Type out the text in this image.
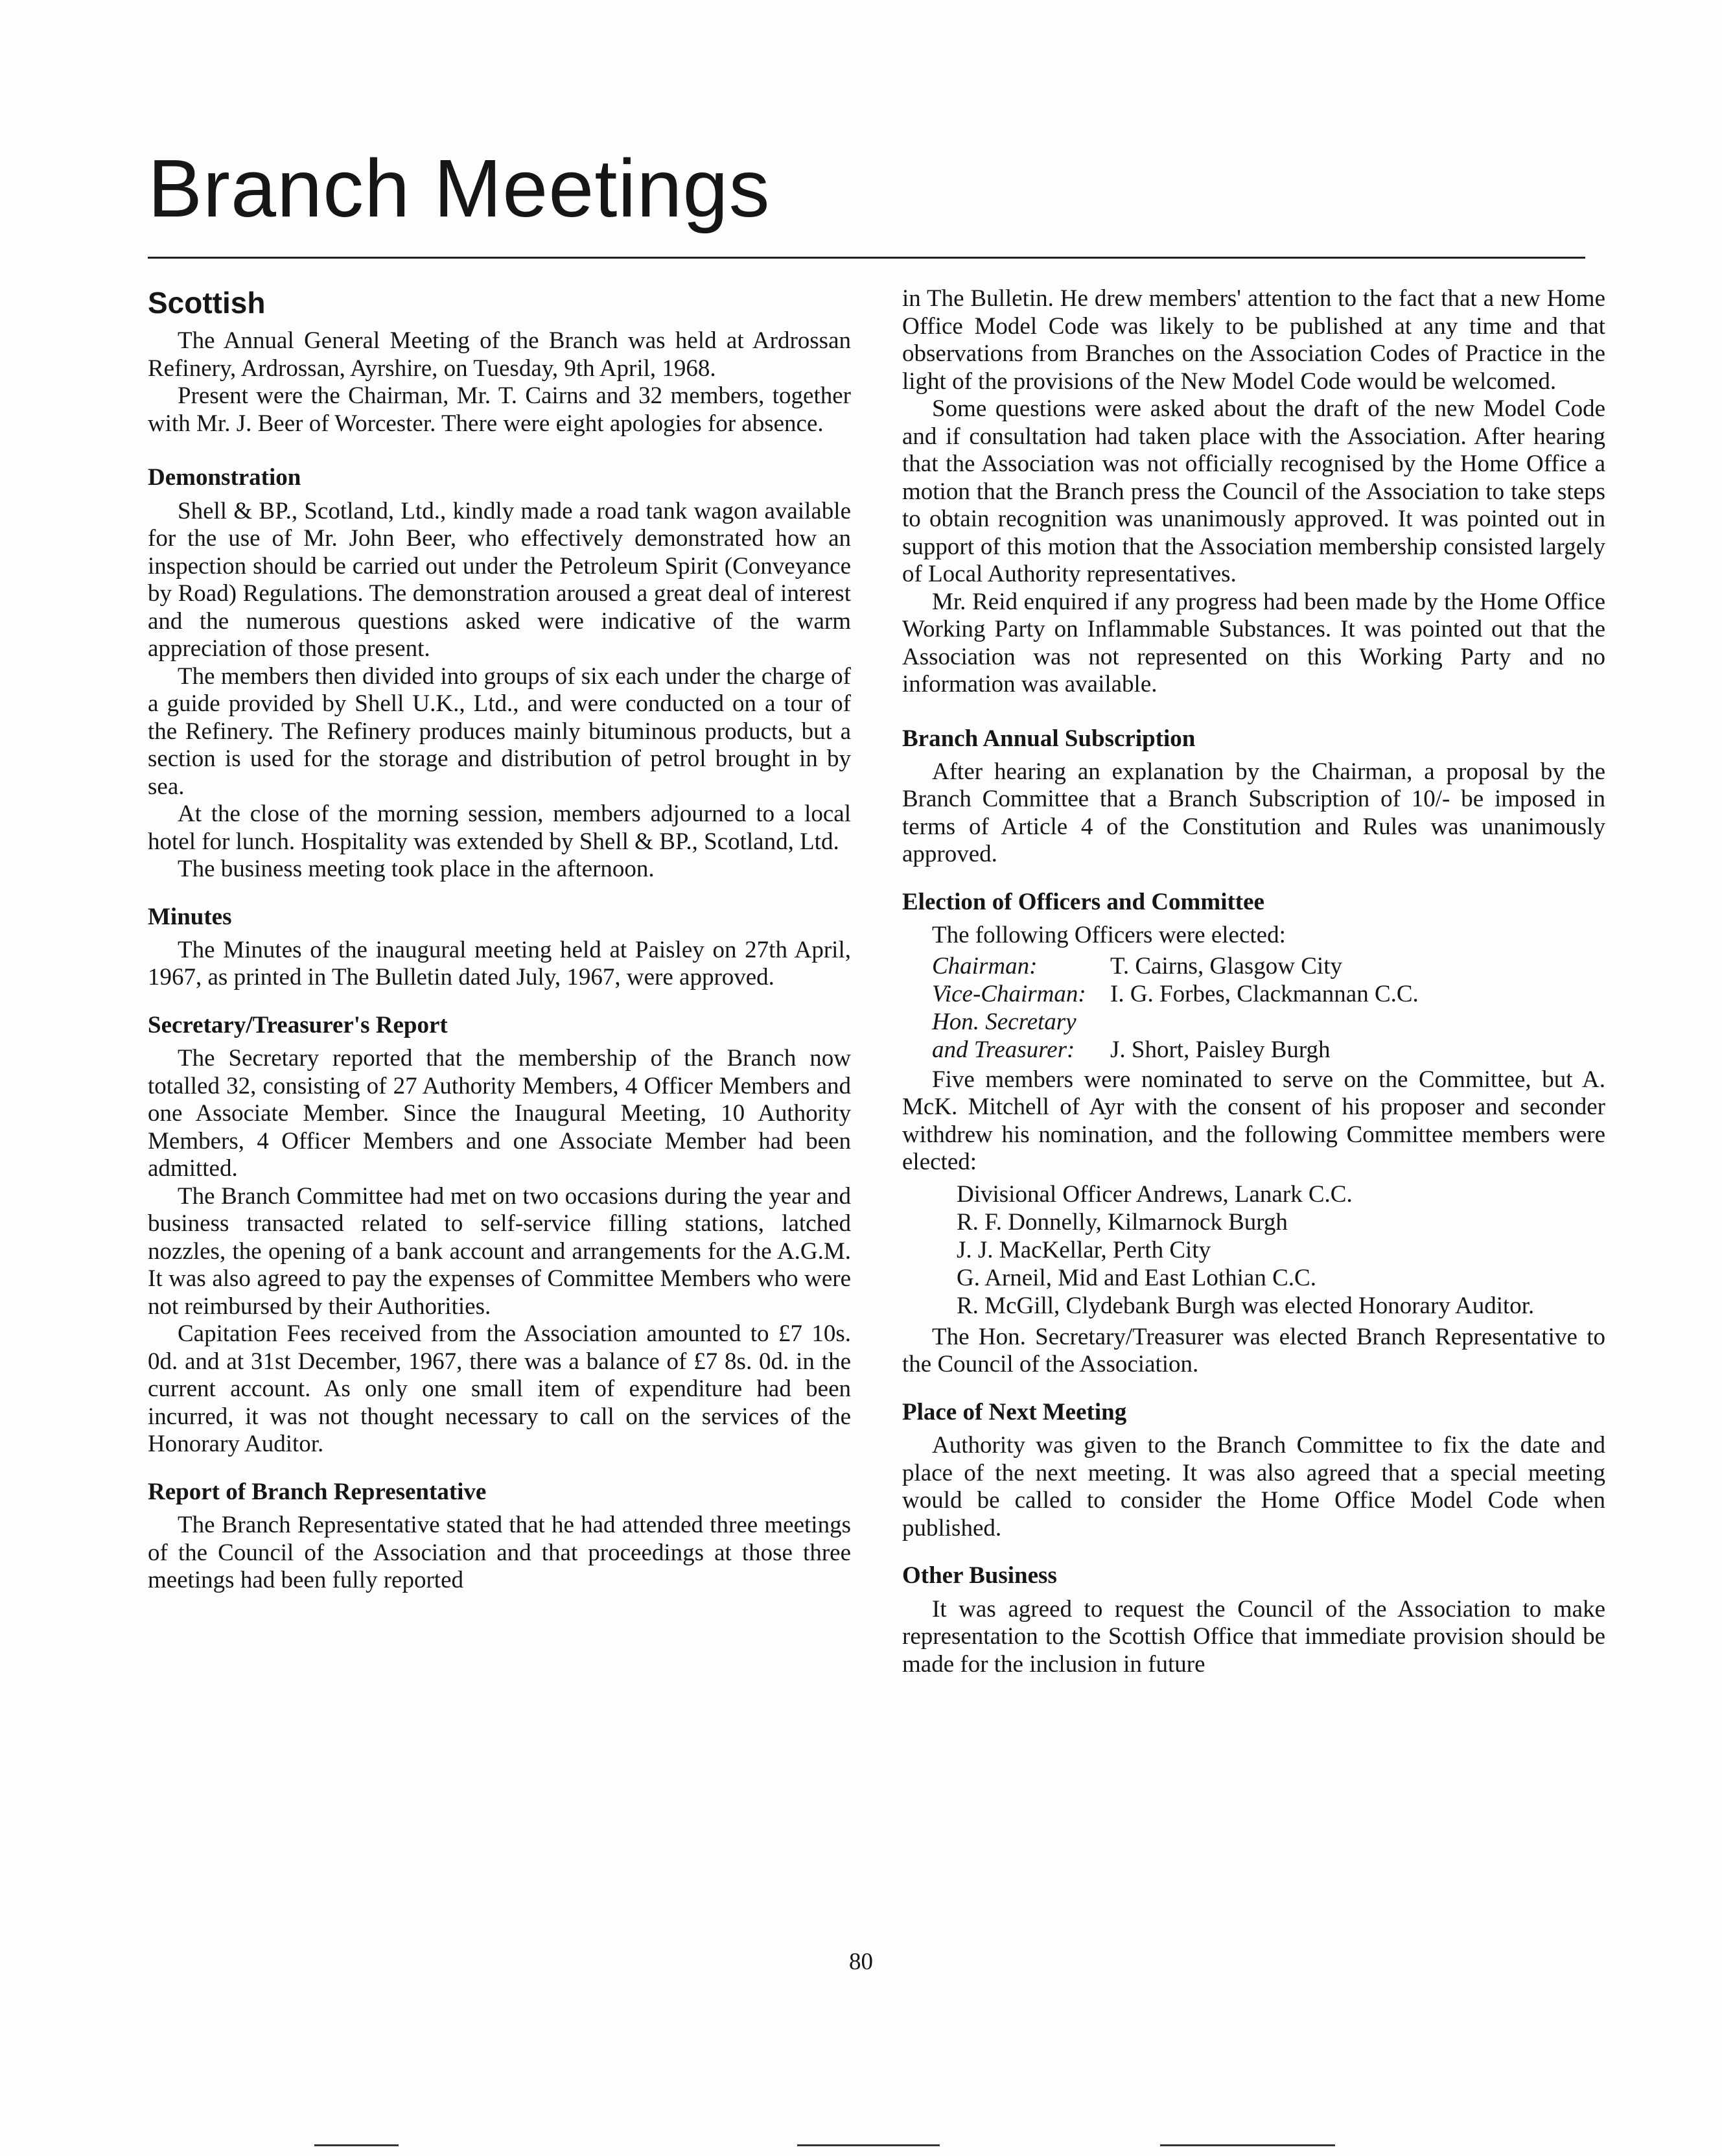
Branch Meetings
Scottish

The Annual General Meeting of the Branch was held at Ardrossan Refinery, Ardrossan, Ayrshire, on Tuesday, 9th April, 1968.

Present were the Chairman, Mr. T. Cairns and 32 members, together with Mr. J. Beer of Worcester. There were eight apologies for absence.

Demonstration

Shell & BP., Scotland, Ltd., kindly made a road tank wagon available for the use of Mr. John Beer, who effectively demonstrated how an inspection should be carried out under the Petroleum Spirit (Conveyance by Road) Regulations. The demonstration aroused a great deal of interest and the numerous questions asked were indicative of the warm appreciation of those present.

The members then divided into groups of six each under the charge of a guide provided by Shell U.K., Ltd., and were conducted on a tour of the Refinery. The Refinery produces mainly bituminous products, but a section is used for the storage and distribution of petrol brought in by sea.

At the close of the morning session, members adjourned to a local hotel for lunch. Hospitality was extended by Shell & BP., Scotland, Ltd.

The business meeting took place in the afternoon.

Minutes

The Minutes of the inaugural meeting held at Paisley on 27th April, 1967, as printed in The Bulletin dated July, 1967, were approved.

Secretary/Treasurer's Report

The Secretary reported that the membership of the Branch now totalled 32, consisting of 27 Authority Members, 4 Officer Members and one Associate Member. Since the Inaugural Meeting, 10 Authority Members, 4 Officer Members and one Associate Member had been admitted.

The Branch Committee had met on two occasions during the year and business transacted related to self-service filling stations, latched nozzles, the opening of a bank account and arrangements for the A.G.M. It was also agreed to pay the expenses of Committee Members who were not reimbursed by their Authorities.

Capitation Fees received from the Association amounted to £7 10s. 0d. and at 31st December, 1967, there was a balance of £7 8s. 0d. in the current account. As only one small item of expenditure had been incurred, it was not thought necessary to call on the services of the Honorary Auditor.

Report of Branch Representative

The Branch Representative stated that he had attended three meetings of the Council of the Association and that proceedings at those three meetings had been fully reported

in The Bulletin. He drew members' attention to the fact that a new Home Office Model Code was likely to be published at any time and that observations from Branches on the Association Codes of Practice in the light of the provisions of the New Model Code would be welcomed.

Some questions were asked about the draft of the new Model Code and if consultation had taken place with the Association. After hearing that the Association was not officially recognised by the Home Office a motion that the Branch press the Council of the Association to take steps to obtain recognition was unanimously approved. It was pointed out in support of this motion that the Association membership consisted largely of Local Authority representatives.

Mr. Reid enquired if any progress had been made by the Home Office Working Party on Inflammable Substances. It was pointed out that the Association was not represented on this Working Party and no information was available.

Branch Annual Subscription

After hearing an explanation by the Chairman, a proposal by the Branch Committee that a Branch Subscription of 10/- be imposed in terms of Article 4 of the Constitution and Rules was unanimously approved.

Election of Officers and Committee

The following Officers were elected:

Chairman:	T. Cairns, Glasgow City
Vice-Chairman:	I. G. Forbes, Clackmannan C.C.
Hon. Secretary
and Treasurer:	J. Short, Paisley Burgh

Five members were nominated to serve on the Committee, but A. McK. Mitchell of Ayr with the consent of his proposer and seconder withdrew his nomination, and the following Committee members were elected:

Divisional Officer Andrews, Lanark C.C.
R. F. Donnelly, Kilmarnock Burgh
J. J. MacKellar, Perth City
G. Arneil, Mid and East Lothian C.C.
R. McGill, Clydebank Burgh was elected Honorary Auditor.

The Hon. Secretary/Treasurer was elected Branch Representative to the Council of the Association.

Place of Next Meeting

Authority was given to the Branch Committee to fix the date and place of the next meeting. It was also agreed that a special meeting would be called to consider the Home Office Model Code when published.

Other Business

It was agreed to request the Council of the Association to make representation to the Scottish Office that immediate provision should be made for the inclusion in future

80
